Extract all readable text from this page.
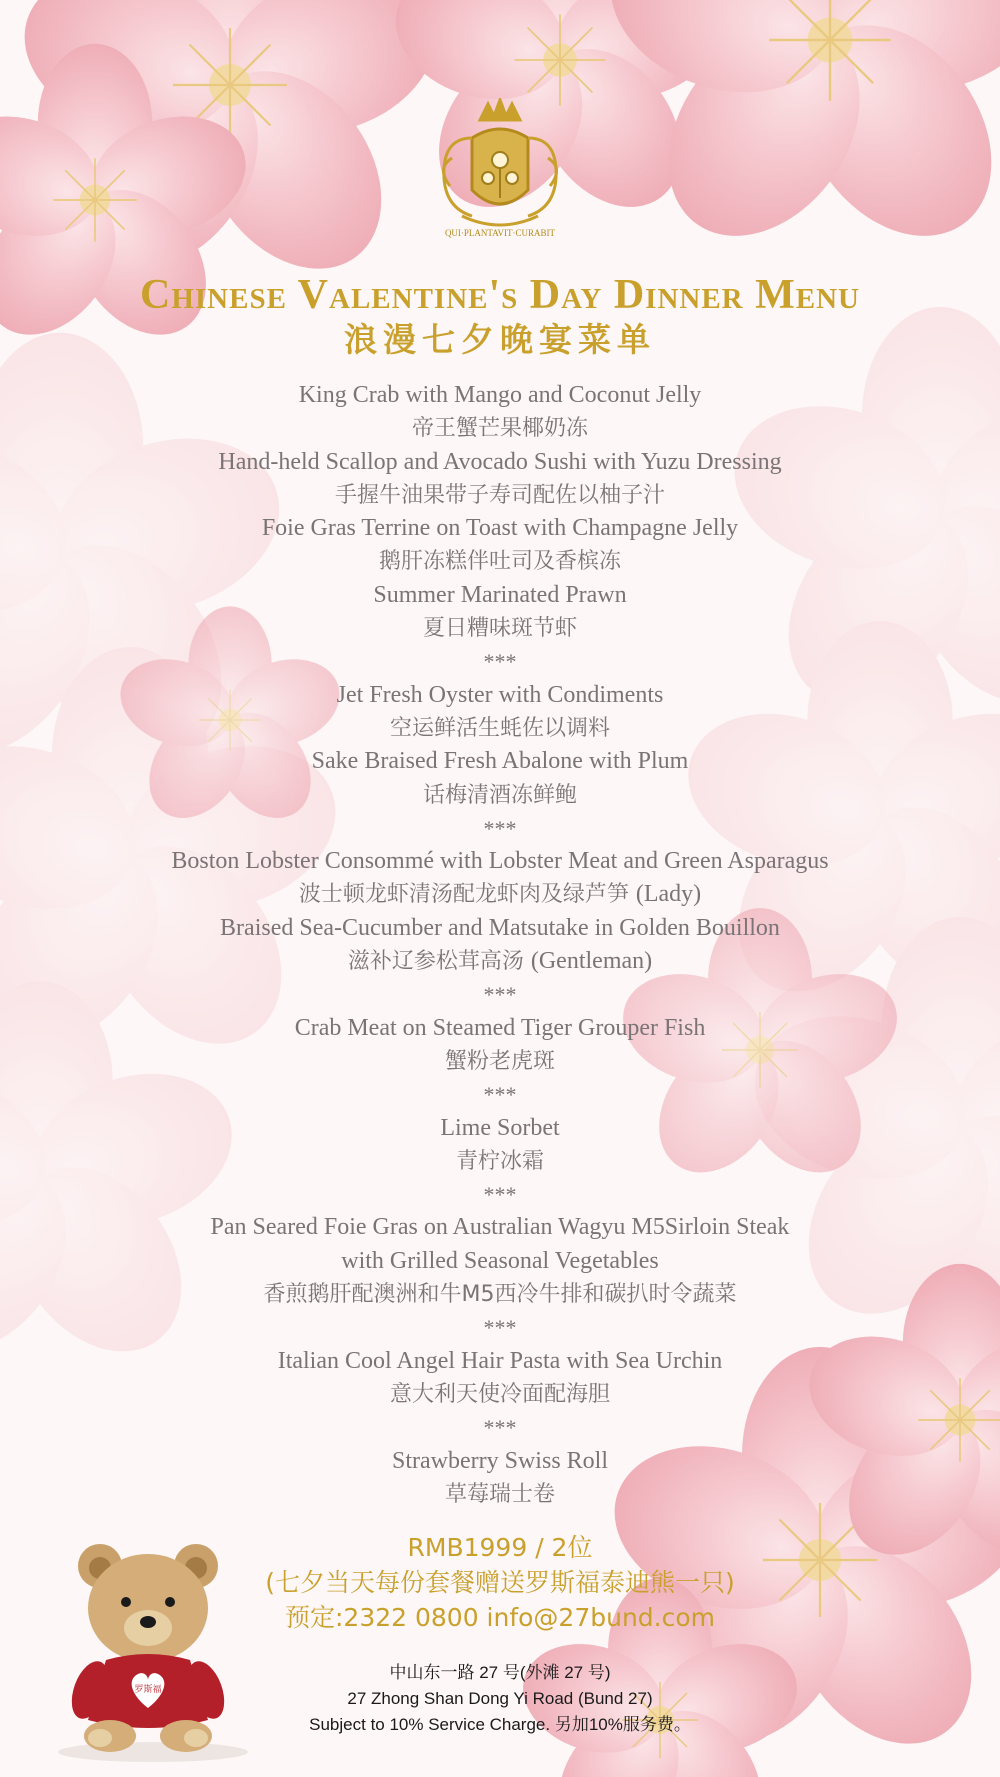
QUI·PLANTAVIT·CURABIT
Chinese Valentine's Day Dinner Menu
浪漫七夕晚宴菜单
King Crab with Mango and Coconut Jelly
帝王蟹芒果椰奶冻
Hand-held Scallop and Avocado Sushi with Yuzu Dressing
手握牛油果带子寿司配佐以柚子汁
Foie Gras Terrine on Toast with Champagne Jelly
鹅肝冻糕伴吐司及香槟冻
Summer Marinated Prawn
夏日糟味斑节虾
***
Jet Fresh Oyster with Condiments
空运鲜活生蚝佐以调料
Sake Braised Fresh Abalone with Plum
话梅清酒冻鲜鲍
***
Boston Lobster Consommé with Lobster Meat and Green Asparagus
波士顿龙虾清汤配龙虾肉及绿芦笋 (Lady)
Braised Sea-Cucumber and Matsutake in Golden Bouillon
滋补辽参松茸高汤 (Gentleman)
***
Crab Meat on Steamed Tiger Grouper Fish
蟹粉老虎斑
***
Lime Sorbet
青柠冰霜
***
Pan Seared Foie Gras on Australian Wagyu M5Sirloin Steak
with Grilled Seasonal Vegetables
香煎鹅肝配澳洲和牛M5西冷牛排和碳扒时令蔬菜
***
Italian Cool Angel Hair Pasta with Sea Urchin
意大利天使冷面配海胆
***
Strawberry Swiss Roll
草莓瑞士卷
RMB1999 / 2位
(七夕当天每份套餐赠送罗斯福泰迪熊一只)
预定:2322 0800 info@27bund.com
中山东一路 27 号(外滩 27 号)
27 Zhong Shan Dong Yi Road (Bund 27)
Subject to 10% Service Charge. 另加10%服务费。
罗斯福
